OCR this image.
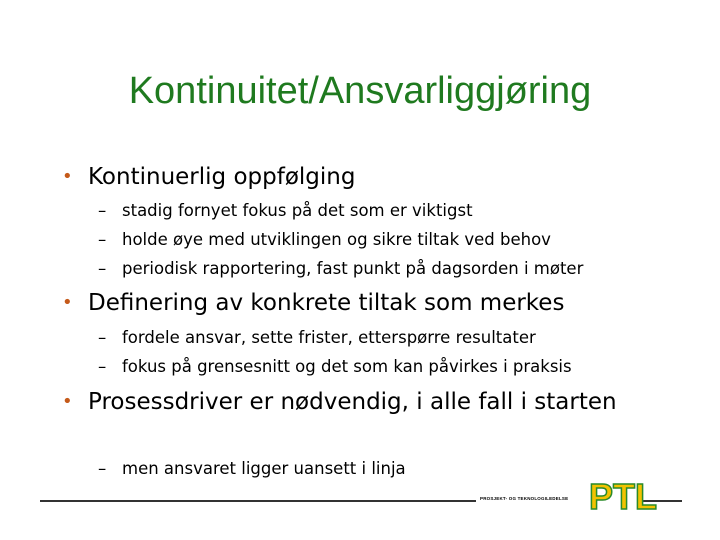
Kontinuitet/Ansvarliggjøring
• Kontinuerlig oppfølging
– stadig fornyet fokus på det som er viktigst
– holde øye med utviklingen og sikre tiltak ved behov
– periodisk rapportering, fast punkt på dagsorden i møter
• Definering av konkrete tiltak som merkes
– fordele ansvar, sette frister, etterspørre resultater
– fokus på grensesnitt og det som kan påvirkes i praksis
• Prosessdriver er nødvendig, i alle fall i starten
– men ansvaret ligger uansett i linja
PROSJEKT- OG TEKNOLOGILEDELSE PTL
